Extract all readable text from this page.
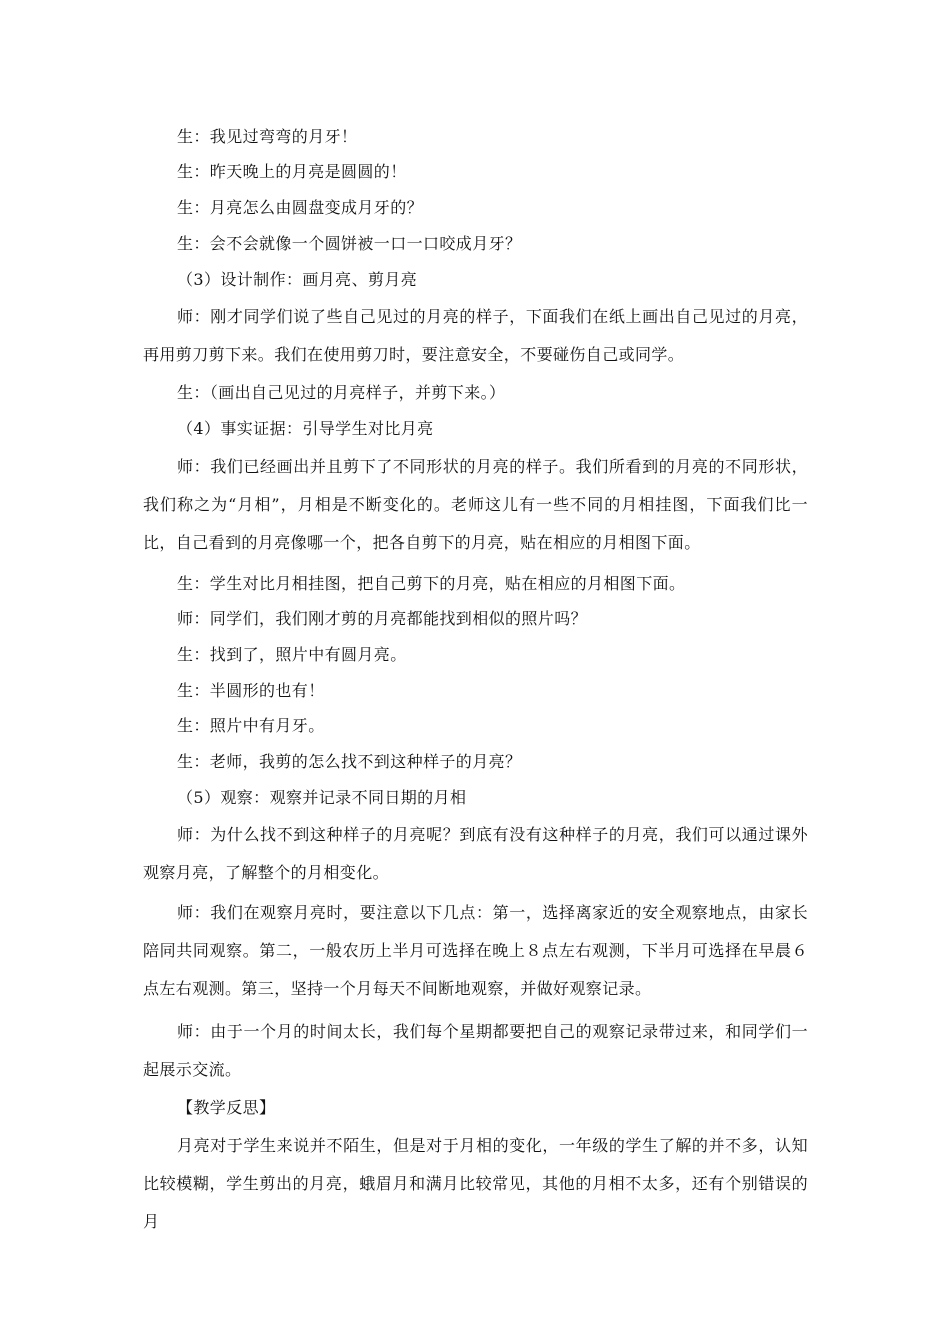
生：我见过弯弯的月牙！

生：昨天晚上的月亮是圆圆的！

生：月亮怎么由圆盘变成月牙的？

生：会不会就像一个圆饼被一口一口咬成月牙？

（3）设计制作：画月亮、剪月亮

师：刚才同学们说了些自己见过的月亮的样子，下面我们在纸上画出自己见过的月亮，再用剪刀剪下来。我们在使用剪刀时，要注意安全，不要碰伤自己或同学。

生：（画出自己见过的月亮样子，并剪下来。）

（4）事实证据：引导学生对比月亮

师：我们已经画出并且剪下了不同形状的月亮的样子。我们所看到的月亮的不同形状，我们称之为“月相”，月相是不断变化的。老师这儿有一些不同的月相挂图，下面我们比一比，自己看到的月亮像哪一个，把各自剪下的月亮，贴在相应的月相图下面。

生：学生对比月相挂图，把自己剪下的月亮，贴在相应的月相图下面。

师：同学们，我们刚才剪的月亮都能找到相似的照片吗？

生：找到了，照片中有圆月亮。

生：半圆形的也有！

生：照片中有月牙。

生：老师，我剪的怎么找不到这种样子的月亮？

（5）观察：观察并记录不同日期的月相

师：为什么找不到这种样子的月亮呢？到底有没有这种样子的月亮，我们可以通过课外观察月亮，了解整个的月相变化。

师：我们在观察月亮时，要注意以下几点：第一，选择离家近的安全观察地点，由家长陪同共同观察。第二，一般农历上半月可选择在晚上８点左右观测，下半月可选择在早晨６点左右观测。第三，坚持一个月每天不间断地观察，并做好观察记录。

师：由于一个月的时间太长，我们每个星期都要把自己的观察记录带过来，和同学们一起展示交流。

【教学反思】

月亮对于学生来说并不陌生，但是对于月相的变化，一年级的学生了解的并不多，认知比较模糊，学生剪出的月亮，蛾眉月和满月比较常见，其他的月相不太多，还有个别错误的月
